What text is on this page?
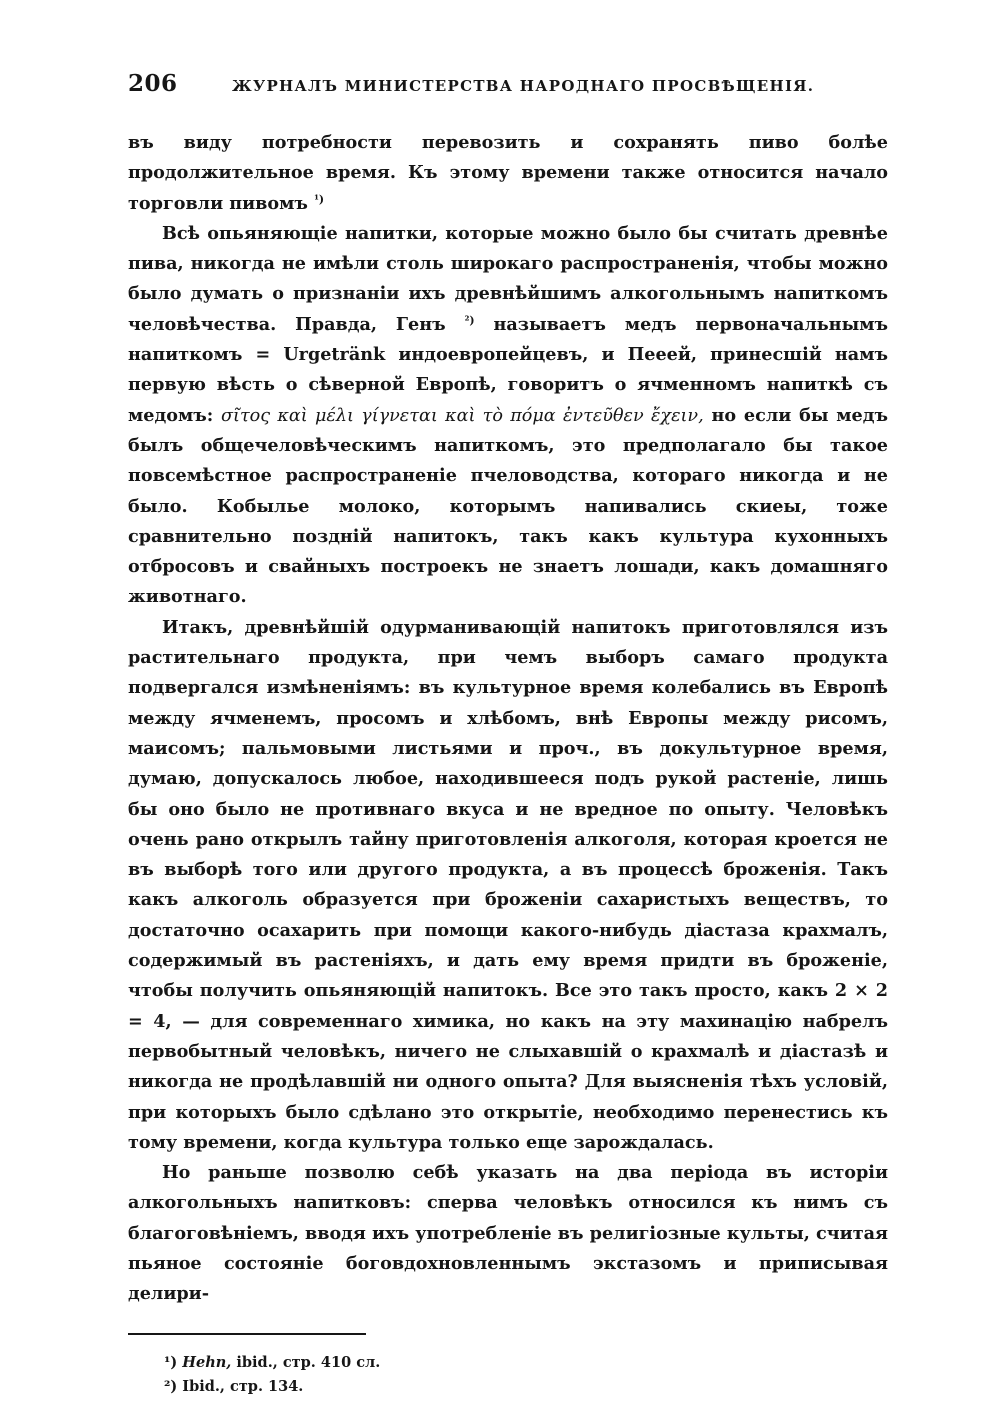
206	ЖУРНАЛЪ МИНИСТЕРСТВА НАРОДНАГО ПРОСВѢЩЕНІЯ.

въ виду потребности перевозить и сохранять пиво болѣе продолжительное время. Къ этому времени также относится начало торговли пивомъ $^{^1)}$

Всѣ опьяняющіе напитки, которые можно было бы считать древнѣе пива, никогда не имѣли столь широкаго распространенія, чтобы можно было думать о признаніи ихъ древнѣйшимъ алкогольнымъ напиткомъ человѣчества. Правда, Генъ $^{^2)}$ называетъ медъ первоначальнымъ напиткомъ = Urgetränk индоевропейцевъ, и Пееей, принесшій намъ первую вѣсть о сѣверной Европѣ, говоритъ о ячменномъ напиткѣ съ медомъ: σῖτος καὶ μέλι γίγνεται καὶ τὸ πόμα ἐντεῦθεν ἔχειν, но если бы медъ былъ общечеловѣческимъ напиткомъ, это предполагало бы такое повсемѣстное распространеніе пчеловодства, котораго никогда и не было. Кобылье молоко, которымъ напивались скиеы, тоже сравнительно поздній напитокъ, такъ какъ культура кухонныхъ отбросовъ и свайныхъ построекъ не знаетъ лошади, какъ домашняго животнаго.

Итакъ, древнѣйшій одурманивающій напитокъ приготовлялся изъ растительнаго продукта, при чемъ выборъ самаго продукта подвергался измѣненіямъ: въ культурное время колебались въ Европѣ между ячменемъ, просомъ и хлѣбомъ, внѣ Европы между рисомъ, маисомъ; пальмовыми листьями и проч., въ докультурное время, думаю, допускалось любое, находившееся подъ рукой растеніе, лишь бы оно было не противнаго вкуса и не вредное по опыту. Человѣкъ очень рано открылъ тайну приготовленія алкоголя, которая кроется не въ выборѣ того или другого продукта, а въ процессѣ броженія. Такъ какъ алкоголь образуется при броженіи сахаристыхъ веществъ, то достаточно осахарить при помощи какого-нибудь діастаза крахмалъ, содержимый въ растеніяхъ, и дать ему время придти въ броженіе, чтобы получить опьяняющій напитокъ. Все это такъ просто, какъ 2 × 2 = 4, — для современнаго химика, но какъ на эту махинацію набрелъ первобытный человѣкъ, ничего не слыхавшій о крахмалѣ и діастазѣ и никогда не продѣлавшій ни одного опыта? Для выясненія тѣхъ условій, при которыхъ было сдѣлано это открытіе, необходимо перенестись къ тому времени, когда культура только еще зарождалась.

Но раньше позволю себѣ указать на два періода въ исторіи алкогольныхъ напитковъ: сперва человѣкъ относился къ нимъ съ благоговѣніемъ, вводя ихъ употребленіе въ религіозные культы, считая пьяное состояніе боговдохновленнымъ экстазомъ и приписывая делири-

¹) Hehn, ibid., стр. 410 сл.
²) Ibid., стр. 134.
